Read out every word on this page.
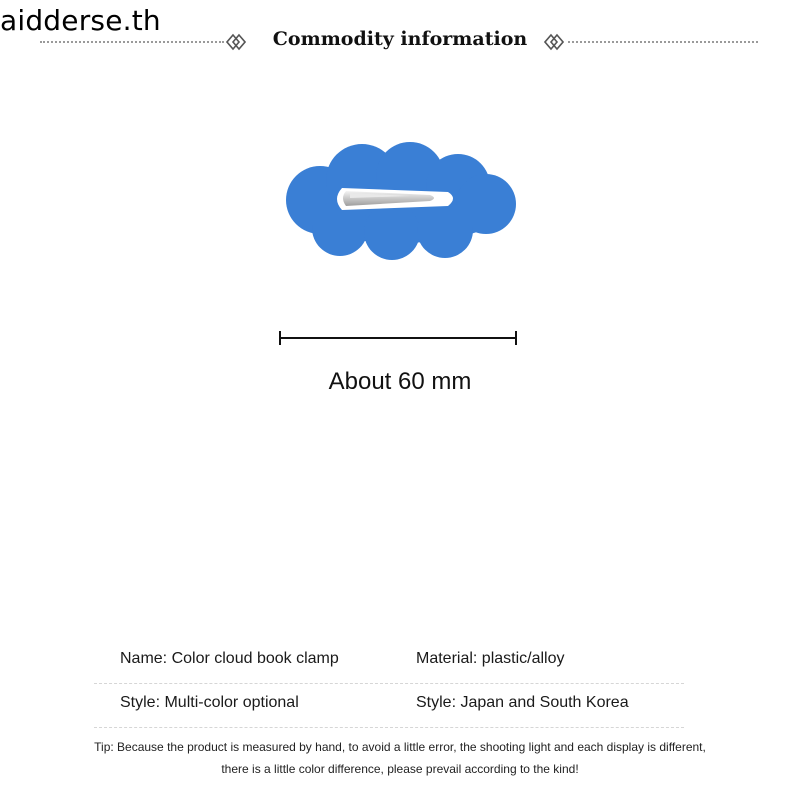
aidderse.th
Commodity information
About 60 mm
Name: Color cloud book clamp	Material: plastic/alloy
Style: Multi-color optional	Style: Japan and South Korea
Tip: Because the product is measured by hand, to avoid a little error, the shooting light and each display is different,
there is a little color difference, please prevail according to the kind!
